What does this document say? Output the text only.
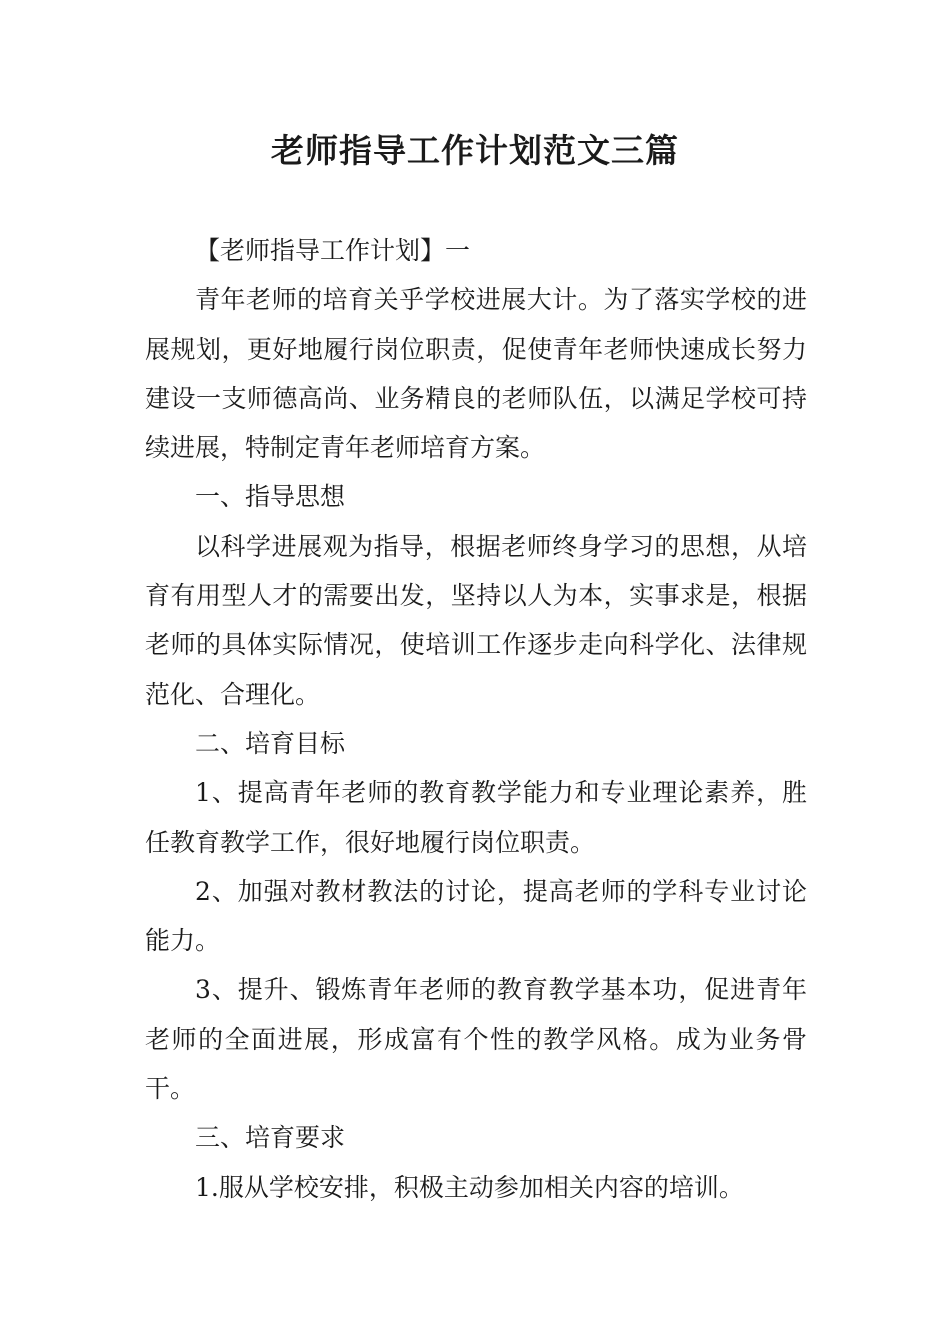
老师指导工作计划范文三篇

【老师指导工作计划】一

青年老师的培育关乎学校进展大计。为了落实学校的进展规划，更好地履行岗位职责，促使青年老师快速成长努力建设一支师德高尚、业务精良的老师队伍，以满足学校可持续进展，特制定青年老师培育方案。

一、指导思想

以科学进展观为指导，根据老师终身学习的思想，从培育有用型人才的需要出发，坚持以人为本，实事求是，根据老师的具体实际情况，使培训工作逐步走向科学化、法律规范化、合理化。

二、培育目标

1、提高青年老师的教育教学能力和专业理论素养，胜任教育教学工作，很好地履行岗位职责。

2、加强对教材教法的讨论，提高老师的学科专业讨论能力。

3、提升、锻炼青年老师的教育教学基本功，促进青年老师的全面进展，形成富有个性的教学风格。成为业务骨干。

三、培育要求

1.服从学校安排，积极主动参加相关内容的培训。
